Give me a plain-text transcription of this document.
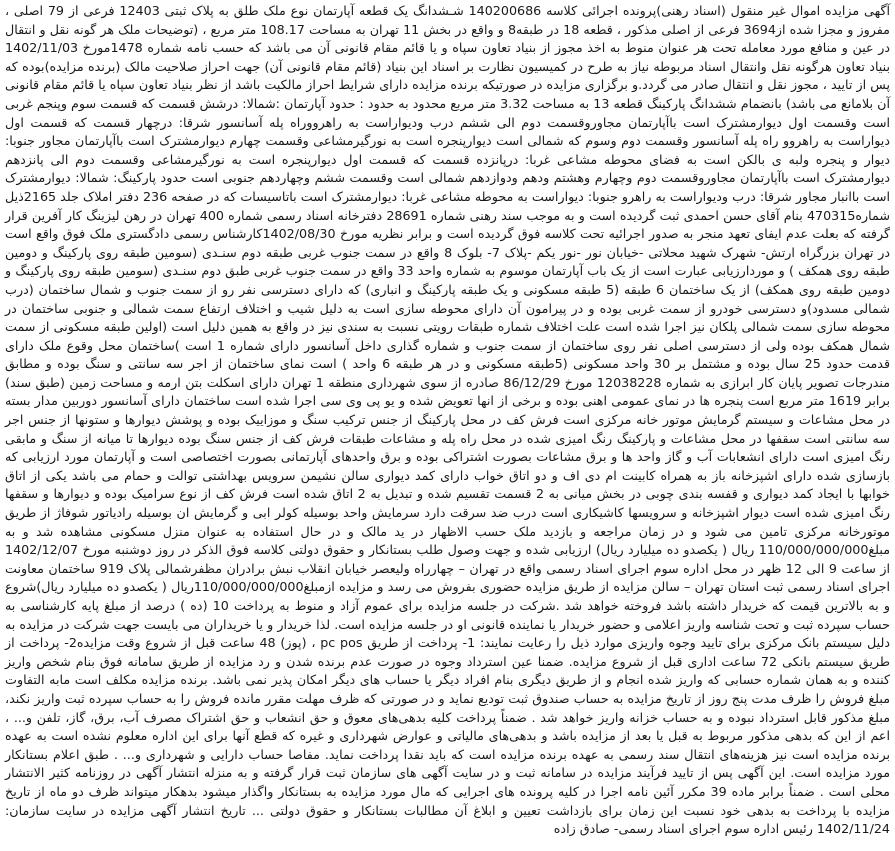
آگهی مزایده اموال غیر منقول (اسناد رهنی)پرونده اجرائی کلاسه 140200686 شـشدانگ یک قطعه آپارتمان نوع ملک طلق به پلاک ثبتی 12403 فرعی از 79 اصلی ، مفروز و مجزا شده از3694 فرعی از اصلی مذکور ، قطعه 18 در طبقه8 و واقع در بخش 11 تهران به مساحت 108.17 متر مربع ، (توضیحات ملک هر گونه نقل و انتقال در عین و منافع مورد معامله تحت هر عنوان منوط به اخذ مجوز از بنیاد تعاون سپاه و یا قائم مقام قانونی آن می باشد که حسب نامه شماره 1478مورخ 1402/11/03 بنیاد تعاون هرگونه نقل وانتقال اسناد مربوطه نیاز به طرح در کمیسیون نظارت بر اسناد این بنیاد (قائم مقام قانونی آن) جهت احراز صلاحیت مالک (برنده مزایده)بوده که پس از تایید ، مجوز نقل و انتقال صادر می گردد.و برگزاری مزایده در صورتیکه برنده مزایده دارای شرایط احراز مالکیت باشد از نظر بنیاد تعاون سپاه یا قائم مقام قانونی آن بلامانع می باشد) بانضمام ششدانگ پارکینگ قطعه 13 به مساحت 3.32 متر مربع محدود به حدود : حدود آپارتمان :شمالا: درشش قسمت که قسمت سوم وپنجم غربی است وقسمت اول دیوارمشترک است باآپارتمان مجاوروقسمت دوم الی ششم درب ودیواراست به راهرووراه پله آسانسور شرقا: درچهار قسمت که قسمت اول دیواراست به راهروو راه پله آسانسور وقسمت دوم وسوم که شمالی است دیوارپنجره است به نورگیرمشاعی وقسمت چهارم دیوارمشترک است باآپارتمان مجاور جنوبا: دیوار و پنجره ولبه ی بالکن است به فضای محوطه مشاعی غربا: درپانزده قسمت که قسمت اول دیوارپنجره است به نورگیرمشاعی وقسمت دوم الی پانزدهم دیوارمشترک است باآپارتمان مجاوروقسمت دوم وچهارم وهشتم ودهم ودوازدهم شمالی است وقسمت ششم وچهاردهم جنوبی است حدود پارکینگ: شمالا: دیوارمشترک است باانبار مجاور شرقا: درب ودیواراست به راهرو جنوبا: دیواراست به محوطه مشاعی غربا: دیوارمشترک است باتاسیسات که در صفحه 236 دفتر املاک جلد 2165ذیل شماره470315 بنام آقای حسن احمدی ثبت گردیده است و به موجب سند رهنی شماره 28691 دفترخانه اسناد رسمی شماره 400 تهران در رهن لیزینگ کار آفرین قرار گرفته که بعلت عدم ایفای تعهد منجر به صدور اجرائیه تحت کلاسه فوق گردیده است و برابر نظریه مورخ 1402/08/30کارشناس رسمی دادگستری ملک فوق واقع است در تهران بزرگراه ارتش- شهرک شهید محلاتی -خیابان نور -نور یکم -پلاک 7- بلوک 8 واقع در سمت جنوب غربی طبقه دوم سنـدی (سومین طبقه روی پارکینگ و دومین طبقه روی همکف ) و موردارزیابی عبارت است از یک باب آپارتمان موسوم به شماره واحد 33 واقع در سمت جنوب غربی طبق دوم سنـدی (سومین طبقه روی پارکینگ و دومین طبقه روی همکف) از یک ساختمان 6 طبقه (5 طبقه مسکونی و یک طبقه پارکینگ و انباری) که دارای دسترسی نفر رو از سمت جنوب و شمال ساختمان (درب شمالی مسدود)و دسترسی خودرو از سمت غربی بوده و در پیرامون آن دارای محوطه سازی است به دلیل شیب و اختلاف ارتفاع سمت شمالی و جنوبی ساختمان در محوطه سازی سمت شمالی پلکان نیز اجرا شده است علت اختلاف شماره طبقات رویتی نسبت به سندی نیز در واقع به همین دلیل است (اولین طبقه مسکونی از سمت شمال همکف بوده ولی از دسترسی اصلی نفر روی ساختمان از سمت جنوب و شماره گذاری داخل آسانسور دارای شماره 1 است )ساختمان محل وقوع ملک دارای قدمت حدود 25 سال بوده و مشتمل بر 30 واحد مسکونی (5طبقه مسکونی و در هر طبقه 6 واحد ) است نمای ساختمان از اجر سه سانتی و سنگ بوده و مطابق مندرجات تصویر پایان کار ابرازی به شماره 12038228 مورخ 86/12/29 صادره از سوی شهرداری منطقه 1 تهران دارای اسکلت بتن ارمه و مساحت زمین (طبق سند) برابر 1619 متر مربع است پنجره ها در نمای عمومی اهنی بوده و برخی از انها تعویض شده و یو پی وی سی اجرا شده است ساختمان دارای آسانسور دوربین مدار بسته در محل مشاعات و سیستم گرمایش موتور خانه مرکزی است فرش کف در محل پارکینگ از جنس ترکیب سنگ و موزاییک بوده و پوشش دیوارها و ستونها از جنس اجر سه سانتی است سقفها در محل مشاعات و پارکینگ رنگ امیزی شده در محل راه پله و مشاعات طبقات فرش کف از جنس سنگ بوده دیوارها تا میانه از سنگ و مابقی رنگ امیزی است دارای انشعابات آب و گاز واحد ها و برق مشاعات بصورت اشتراکی بوده و برق واحدهای آپارتمانی بصورت اختصاصی است و آپارتمان مورد ارزیابی که بازسازی شده دارای اشپزخانه باز به همراه کابینت ام دی اف و دو اتاق خواب دارای کمد دیواری سالن نشیمن سرویس بهداشتی توالت و حمام می باشد یکی از اتاق خوابها با ایجاد کمد دیواری و قفسه بندی چوبی در بخش میانی به 2 قسمت تقسیم شده و تبدیل به 2 اتاق شده است فرش کف از نوع سرامیک بوده و دیوارها و سقفها رنگ امیزی شده است دیوار اشپزخانه و سرویسها کاشیکاری است درب ضد سرقت دارد سرمایش واحد بوسیله کولر ابی و گرمایش ان بوسیله رادیاتور شوفاژ از طریق موتورخانه مرکزی تامین می شود و در زمان مراجعه و بازدید ملک حسب الاظهار در ید مالک و در حال استفاده به عنوان منزل مسکونی مشاهده شد و به مبلغ110/000/000/000 ریال ( یکصدو ده میلیارد ریال) ارزیابی شده و جهت وصول طلب بستانکار و حقوق دولتی کلاسه فوق الذکر در روز دوشنبه مورخ 1402/12/07 از ساعت 9 الی 12 ظهر در محل اداره سوم اجرای اسناد رسمی واقع در تهران – چهارراه ولیعصر خیابان انقلاب نبش برادران مظفرشمالی پلاک 919 ساختمان معاونت اجرای اسناد رسمی ثبت استان تهران – سالن مزایده از طریق مزایده حضوری بفروش می رسد و مزایده ازمبلغ110/000/000/000ریال ( یکصدو ده میلیارد ریال)شروع و به بالاترین قیمت که خریدار داشته باشد فروخته خواهد شد .شرکت در جلسه مزایده برای عموم آزاد و منوط به پرداخت 10 (ده ) درصد از مبلغ پایه کارشناسی به حساب سپرده ثبت و تحت شناسه واریز اعلامی و حضور خریدار یا نماینده قانونی او در جلسه مزایده است. لذا خریدار و یا خریداران می بایست جهت شرکت در مزایده به دلیل سیستم بانک مرکزی برای تایید وجوه واریزی موارد ذیل را رعایت نمایند: 1- پرداخت از طریق pc pos ، (پوز) 48 ساعت قبل از شروع وقت مزایده2- پرداخت از طریق سیستم بانکی 72 ساعت اداری قبل از شروع مزایده. ضمنا عین استرداد وجوه در صورت عدم برنده شدن و رد مزایده از طریق سامانه فوق بنام شخص واریز کننده و به همان شماره حسابی که واریز شده انجام و از طریق دیگری بنام افراد دیگر یا حساب های دیگر امکان پذیر نمی باشد. برنده مزایده مکلف است مابه التفاوت مبلغ فروش را ظرف مدت پنج روز از تاریخ مزایده به حساب صندوق ثبت تودیع نماید و در صورتی که ظرف مهلت مقرر مانده فروش را به حساب سپرده ثبت واریز نکند، مبلغ مذکور قابل استرداد نبوده و به حساب خزانه واریز خواهد شد . ضمناً پرداخت کلیه بدهی‌های معوق و حق انشعاب و حق اشتراک مصرف آب، برق، گاز، تلفن و... ، اعم از این که بدهی مذکور مربوط به قبل یا بعد از مزایده باشد و بدهی‌های مالیاتی و عوارض شهرداری و غیره که قطع آنها برای این اداره معلوم نشده است به عهده برنده مزایده است نیز هزینه‌های انتقال سند رسمی به عهده برنده مزایده است که باید نقدا پرداخت نماید. مفاصا حساب دارایی و شهرداری و... . طبق اعلام بستانکار مورد مزایده است. این آگهی پس از تایید فرآیند مزایده در سامانه ثبت و در سایت آگهی های سازمان ثبت قرار گرفته و به منزله انتشار آگهی در روزنامه کثیر الانتشار محلی است . ضمناً برابر ماده 39 مکرر آئین نامه اجرا در کلیه پرونده های اجرایی که مال مورد مزایده به بستانکار واگذار میشود بدهکار میتواند ظرف دو ماه از تاریخ مزایده با پرداخت به بدهی خود نسبت این زمان برای بازداشت تعیین و ابلاغ آن مطالبات بستانکار و حقوق دولتی ... تاریخ انتشار آگهی مزایده در سایت سازمان: 1402/11/24 رئیس اداره سوم اجرای اسناد رسمی- صادق زاده
